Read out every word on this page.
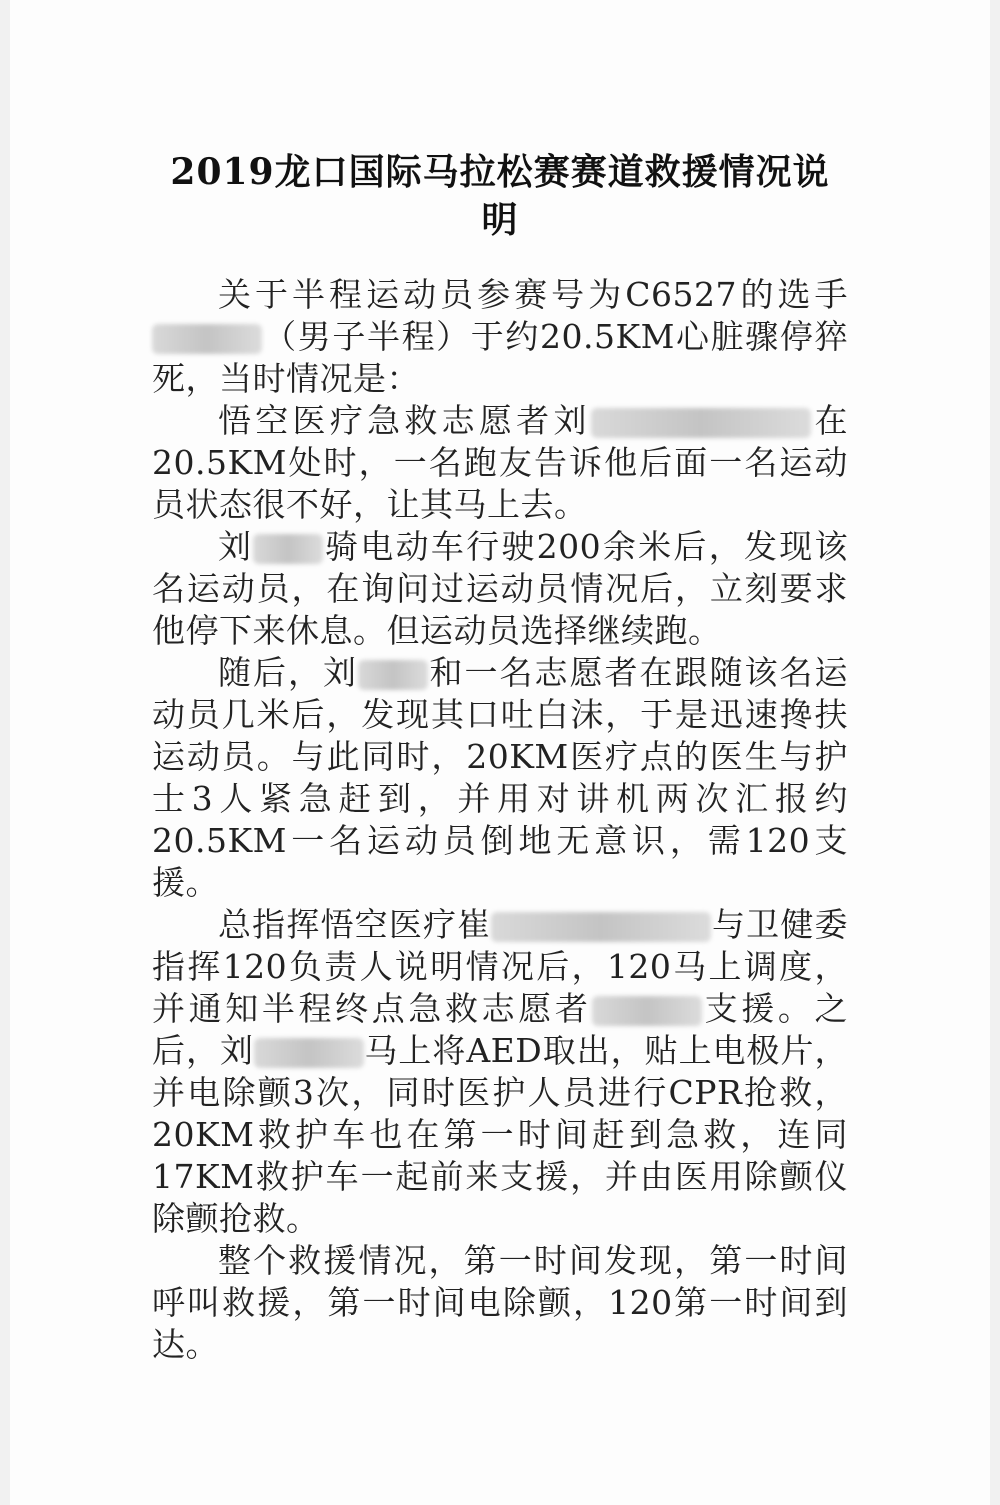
2019龙口国际马拉松赛赛道救援情况说明

关于半程运动员参赛号为C6527的选手（男子半程）于约20.5KM心脏骤停猝死，当时情况是：

悟空医疗急救志愿者刘	在20.5KM处时，一名跑友告诉他后面一名运动员状态很不好，让其马上去。

刘 骑电动车行驶200余米后，发现该名运动员，在询问过运动员情况后，立刻要求他停下来休息。但运动员选择继续跑。

随后，刘 和一名志愿者在跟随该名运动员几米后，发现其口吐白沫，于是迅速搀扶运动员。与此同时，20KM医疗点的医生与护士3人紧急赶到，并用对讲机两次汇报约20.5KM一名运动员倒地无意识，需120支援。

总指挥悟空医疗崔	与卫健委指挥120负责人说明情况后，120马上调度，并通知半程终点急救志愿者	支援。之后，刘	马上将AED取出，贴上电极片，并电除颤3次，同时医护人员进行CPR抢救，20KM救护车也在第一时间赶到急救，连同17KM救护车一起前来支援，并由医用除颤仪除颤抢救。

整个救援情况，第一时间发现，第一时间呼叫救援，第一时间电除颤，120第一时间到达。
